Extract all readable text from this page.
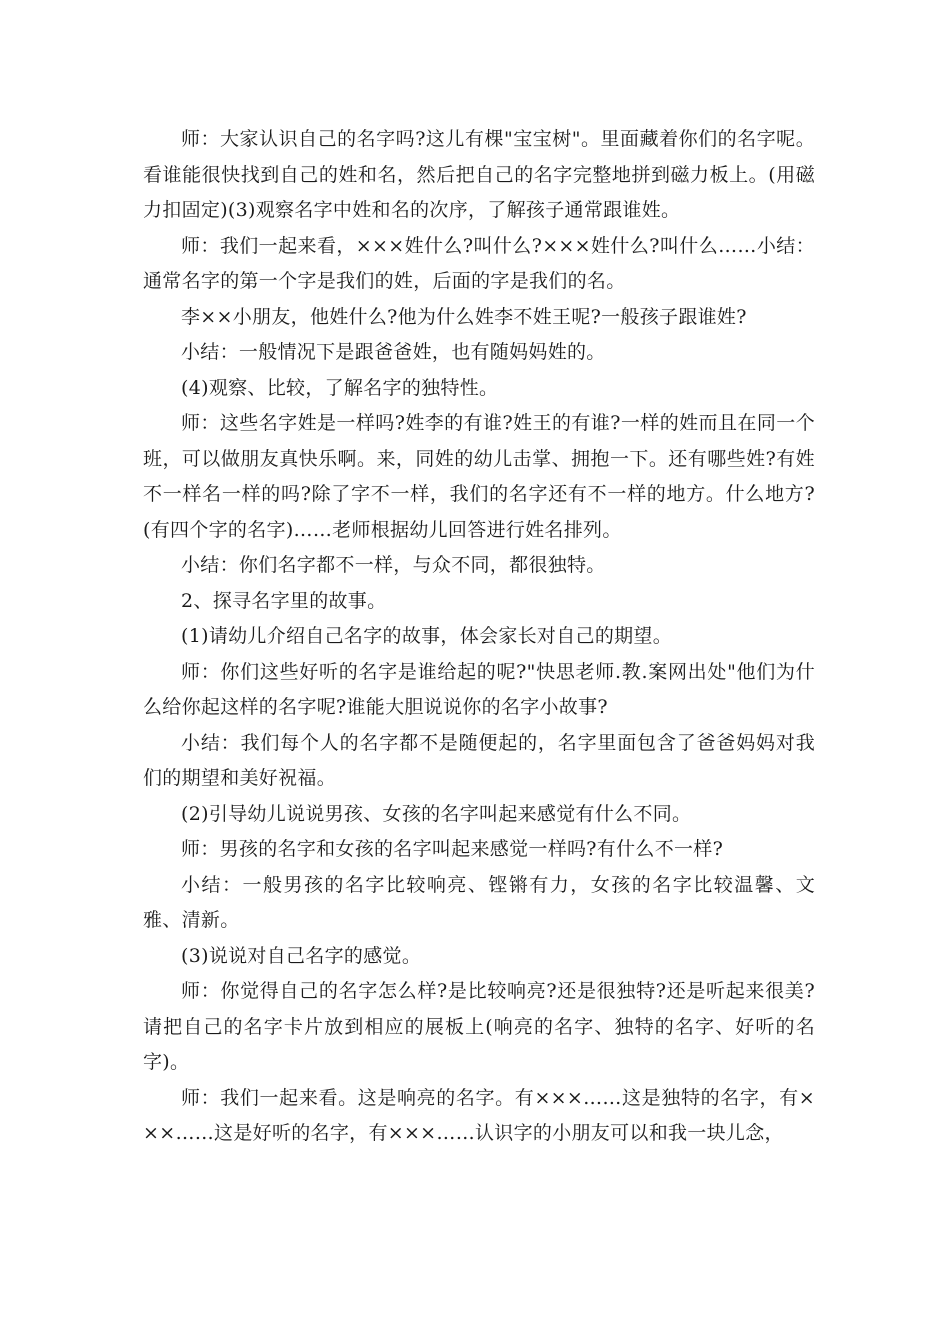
师：大家认识自己的名字吗?这儿有棵"宝宝树"。里面藏着你们的名字呢。看谁能很快找到自己的姓和名，然后把自己的名字完整地拼到磁力板上。(用磁力扣固定)(3)观察名字中姓和名的次序，了解孩子通常跟谁姓。

师：我们一起来看，×××姓什么?叫什么?×××姓什么?叫什么……小结：通常名字的第一个字是我们的姓，后面的字是我们的名。

李××小朋友，他姓什么?他为什么姓李不姓王呢?一般孩子跟谁姓?

小结：一般情况下是跟爸爸姓，也有随妈妈姓的。

(4)观察、比较，了解名字的独特性。

师：这些名字姓是一样吗?姓李的有谁?姓王的有谁?一样的姓而且在同一个班，可以做朋友真快乐啊。来，同姓的幼儿击掌、拥抱一下。还有哪些姓?有姓不一样名一样的吗?除了字不一样，我们的名字还有不一样的地方。什么地方?(有四个字的名字)……老师根据幼儿回答进行姓名排列。

小结：你们名字都不一样，与众不同，都很独特。

2、探寻名字里的故事。

(1)请幼儿介绍自己名字的故事，体会家长对自己的期望。

师：你们这些好听的名字是谁给起的呢?"快思老师.教.案网出处"他们为什么给你起这样的名字呢?谁能大胆说说你的名字小故事?

小结：我们每个人的名字都不是随便起的，名字里面包含了爸爸妈妈对我们的期望和美好祝福。

(2)引导幼儿说说男孩、女孩的名字叫起来感觉有什么不同。

师：男孩的名字和女孩的名字叫起来感觉一样吗?有什么不一样?

小结：一般男孩的名字比较响亮、铿锵有力，女孩的名字比较温馨、文雅、清新。

(3)说说对自己名字的感觉。

师：你觉得自己的名字怎么样?是比较响亮?还是很独特?还是听起来很美?请把自己的名字卡片放到相应的展板上(响亮的名字、独特的名字、好听的名字)。

师：我们一起来看。这是响亮的名字。有×××……这是独特的名字，有×××……这是好听的名字，有×××……认识字的小朋友可以和我一块儿念，
